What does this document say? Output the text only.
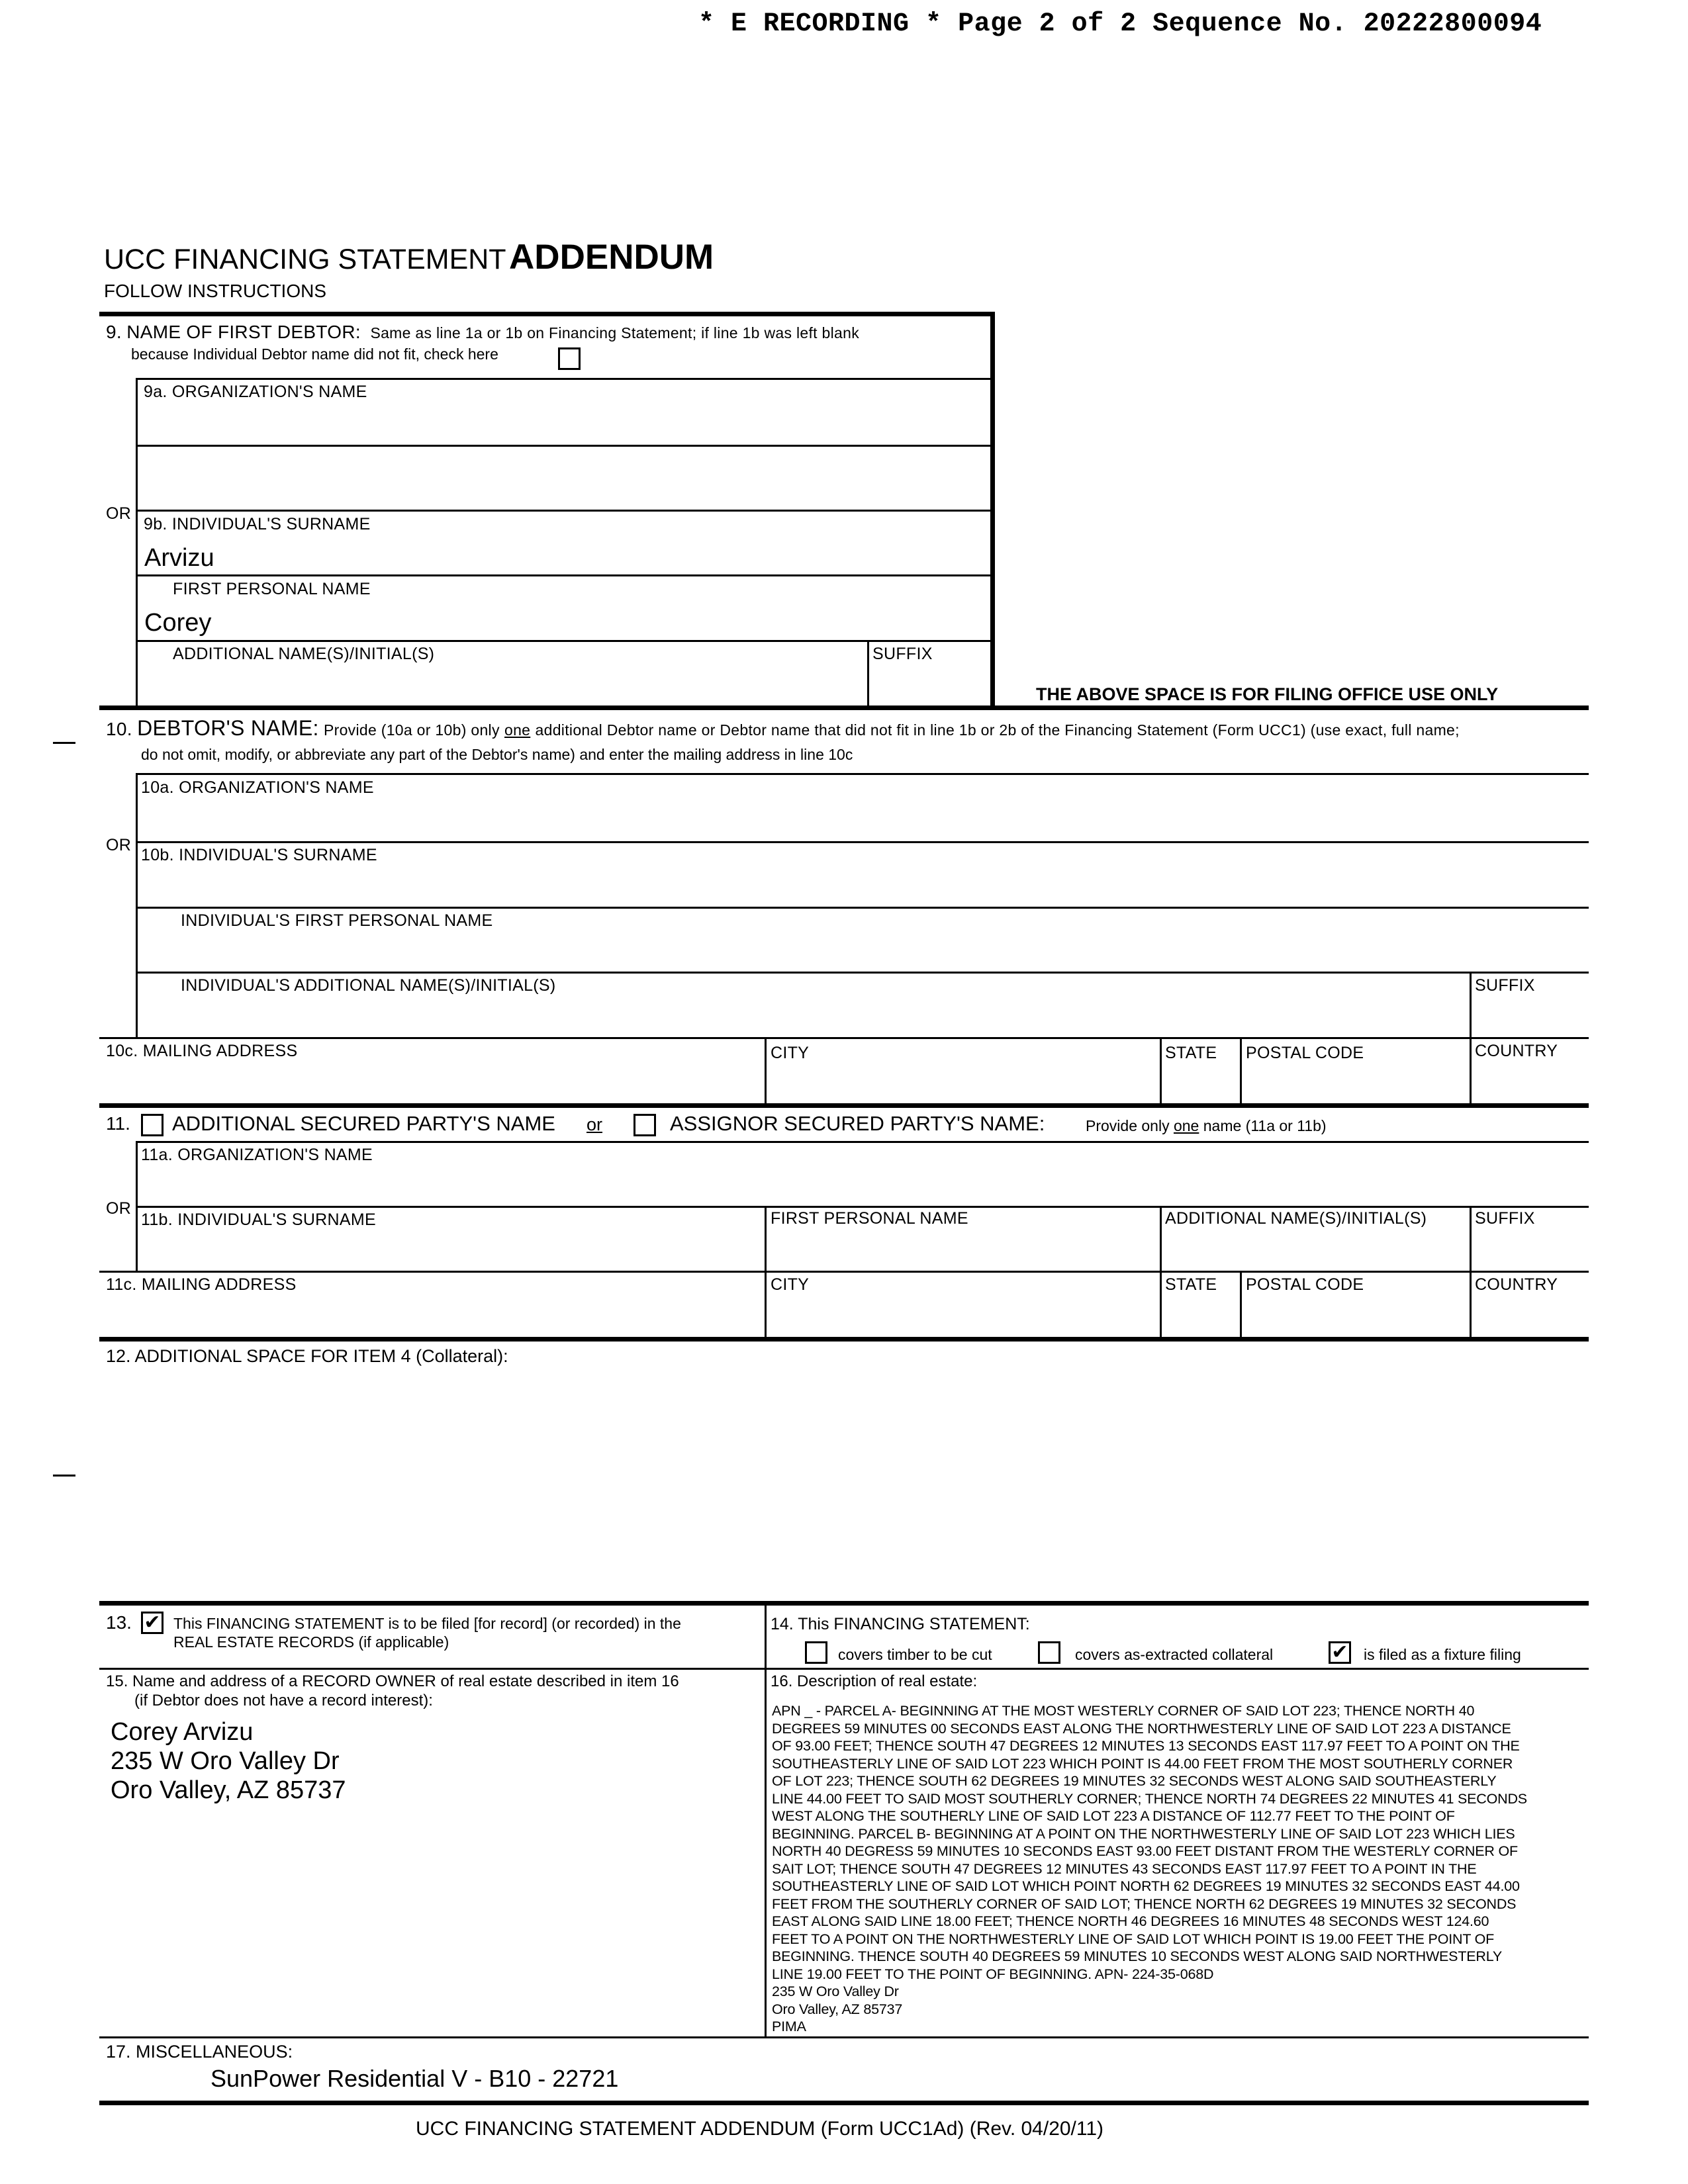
* E RECORDING * Page 2 of 2 Sequence No. 20222800094
UCC FINANCING STATEMENT ADDENDUM
FOLLOW INSTRUCTIONS
9. NAME OF FIRST DEBTOR: Same as line 1a or 1b on Financing Statement; if line 1b was left blank
because Individual Debtor name did not fit, check here
9a. ORGANIZATION'S NAME
OR
9b. INDIVIDUAL'S SURNAME
Arvizu
FIRST PERSONAL NAME
Corey
ADDITIONAL NAME(S)/INITIAL(S)	SUFFIX
THE ABOVE SPACE IS FOR FILING OFFICE USE ONLY
10. DEBTOR'S NAME: Provide (10a or 10b) only one additional Debtor name or Debtor name that did not fit in line 1b or 2b of the Financing Statement (Form UCC1) (use exact, full name;
do not omit, modify, or abbreviate any part of the Debtor's name) and enter the mailing address in line 10c
10a. ORGANIZATION'S NAME
OR
10b. INDIVIDUAL'S SURNAME
INDIVIDUAL'S FIRST PERSONAL NAME
INDIVIDUAL'S ADDITIONAL NAME(S)/INITIAL(S)	SUFFIX
10c. MAILING ADDRESS	CITY	STATE POSTAL CODE	COUNTRY
11. ADDITIONAL SECURED PARTY'S NAME or	ASSIGNOR SECURED PARTY'S NAME:	Provide only one name (11a or 11b)
11a. ORGANIZATION'S NAME
OR
11b. INDIVIDUAL'S SURNAME	FIRST PERSONAL NAME	ADDITIONAL NAME(S)/INITIAL(S)	SUFFIX
11c. MAILING ADDRESS	CITY	STATE POSTAL CODE	COUNTRY
12. ADDITIONAL SPACE FOR ITEM 4 (Collateral):
13. ✔ This FINANCING STATEMENT is to be filed [for record] (or recorded) in the
REAL ESTATE RECORDS (if applicable)
14. This FINANCING STATEMENT:
covers timber to be cut	covers as-extracted collateral	✔ is filed as a fixture filing
15. Name and address of a RECORD OWNER of real estate described in item 16
(if Debtor does not have a record interest):
Corey Arvizu
235 W Oro Valley Dr
Oro Valley, AZ 85737
16. Description of real estate:
APN _ - PARCEL A- BEGINNING AT THE MOST WESTERLY CORNER OF SAID LOT 223; THENCE NORTH 40
DEGREES 59 MINUTES 00 SECONDS EAST ALONG THE NORTHWESTERLY LINE OF SAID LOT 223 A DISTANCE
OF 93.00 FEET; THENCE SOUTH 47 DEGREES 12 MINUTES 13 SECONDS EAST 117.97 FEET TO A POINT ON THE
SOUTHEASTERLY LINE OF SAID LOT 223 WHICH POINT IS 44.00 FEET FROM THE MOST SOUTHERLY CORNER
OF LOT 223; THENCE SOUTH 62 DEGREES 19 MINUTES 32 SECONDS WEST ALONG SAID SOUTHEASTERLY
LINE 44.00 FEET TO SAID MOST SOUTHERLY CORNER; THENCE NORTH 74 DEGREES 22 MINUTES 41 SECONDS
WEST ALONG THE SOUTHERLY LINE OF SAID LOT 223 A DISTANCE OF 112.77 FEET TO THE POINT OF
BEGINNING. PARCEL B- BEGINNING AT A POINT ON THE NORTHWESTERLY LINE OF SAID LOT 223 WHICH LIES
NORTH 40 DEGRESS 59 MINUTES 10 SECONDS EAST 93.00 FEET DISTANT FROM THE WESTERLY CORNER OF
SAIT LOT; THENCE SOUTH 47 DEGREES 12 MINUTES 43 SECONDS EAST 117.97 FEET TO A POINT IN THE
SOUTHEASTERLY LINE OF SAID LOT WHICH POINT NORTH 62 DEGREES 19 MINUTES 32 SECONDS EAST 44.00
FEET FROM THE SOUTHERLY CORNER OF SAID LOT; THENCE NORTH 62 DEGREES 19 MINUTES 32 SECONDS
EAST ALONG SAID LINE 18.00 FEET; THENCE NORTH 46 DEGREES 16 MINUTES 48 SECONDS WEST 124.60
FEET TO A POINT ON THE NORTHWESTERLY LINE OF SAID LOT WHICH POINT IS 19.00 FEET THE POINT OF
BEGINNING. THENCE SOUTH 40 DEGREES 59 MINUTES 10 SECONDS WEST ALONG SAID NORTHWESTERLY
LINE 19.00 FEET TO THE POINT OF BEGINNING. APN- 224-35-068D
235 W Oro Valley Dr
Oro Valley, AZ 85737
PIMA
17. MISCELLANEOUS:
SunPower Residential V - B10 - 22721
UCC FINANCING STATEMENT ADDENDUM (Form UCC1Ad) (Rev. 04/20/11)
